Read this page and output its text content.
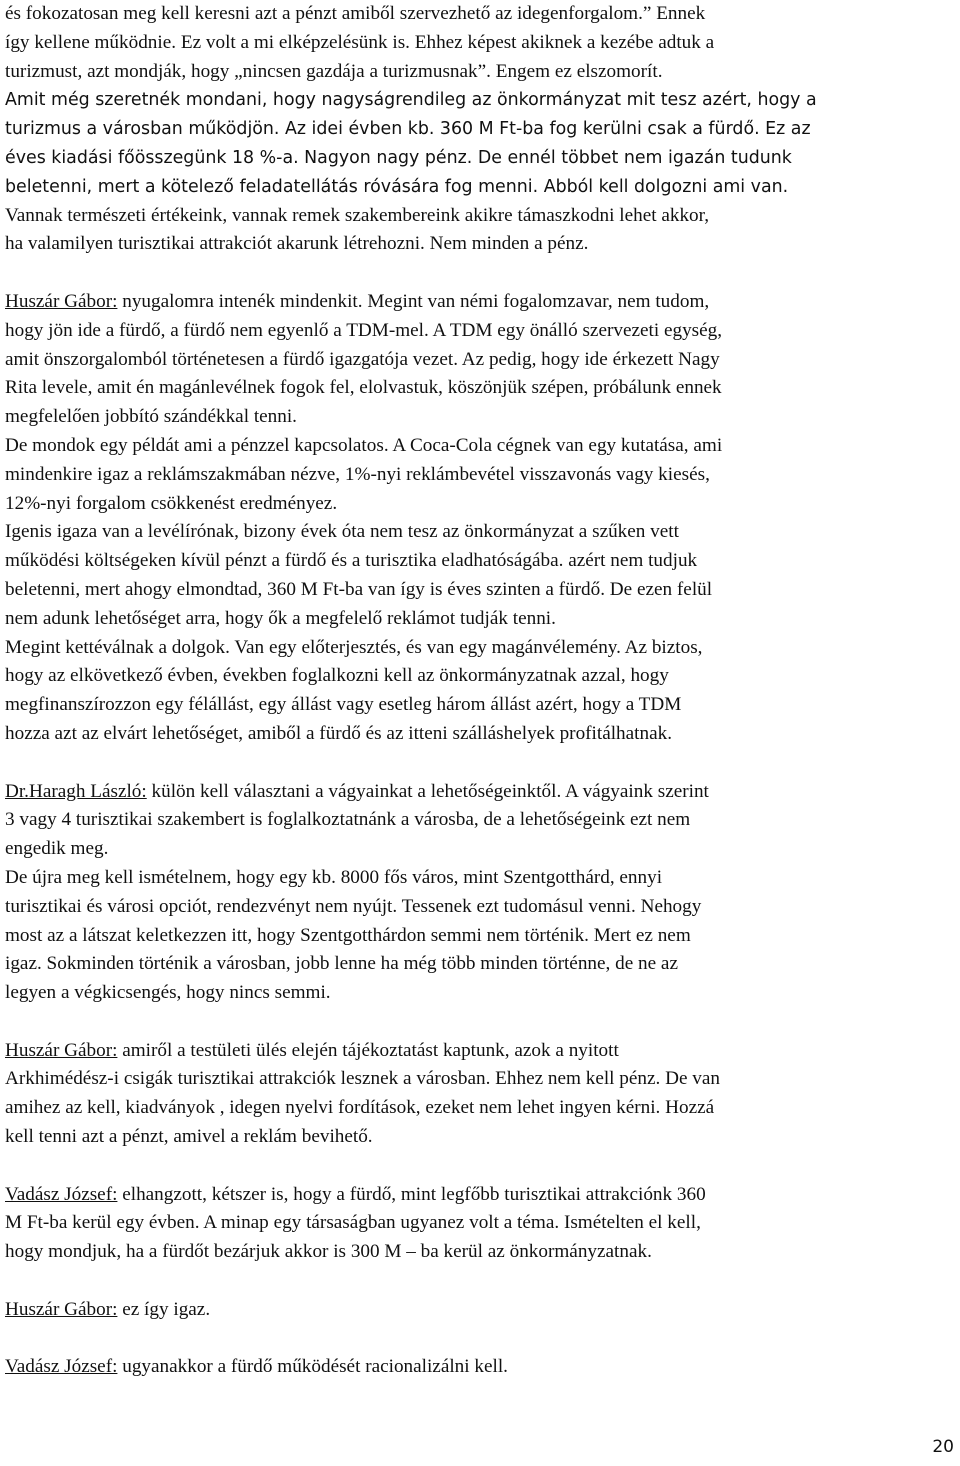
és fokozatosan meg kell keresni azt a pénzt amiből szervezhető az idegenforgalom.” Ennek
így kellene működnie. Ez volt a mi elképzelésünk is. Ehhez képest akiknek a kezébe adtuk a
turizmust, azt mondják, hogy „nincsen gazdája a turizmusnak”. Engem ez elszomorít.
Amit még szeretnék mondani, hogy nagyságrendileg az önkormányzat mit tesz azért, hogy a
turizmus a városban működjön. Az idei évben kb. 360 M Ft-ba fog kerülni csak a fürdő. Ez az
éves kiadási főösszegünk 18 %-a. Nagyon nagy pénz. De ennél többet nem igazán tudunk
beletenni, mert a kötelező feladatellátás róvására fog menni. Abból kell dolgozni ami van.
Vannak természeti értékeink, vannak remek szakembereink akikre támaszkodni lehet akkor,
ha valamilyen turisztikai attrakciót akarunk létrehozni. Nem minden a pénz.
Huszár Gábor: nyugalomra intenék mindenkit. Megint van némi fogalomzavar, nem tudom,
hogy jön ide a fürdő, a fürdő nem egyenlő a TDM-mel. A TDM egy önálló szervezeti egység,
amit önszorgalomból történetesen a fürdő igazgatója vezet. Az pedig, hogy ide érkezett Nagy
Rita levele, amit én magánlevélnek fogok fel, elolvastuk, köszönjük szépen, próbálunk ennek
megfelelően jobbító szándékkal tenni.
De mondok egy példát ami a pénzzel kapcsolatos. A Coca-Cola cégnek van egy kutatása, ami
mindenkire igaz a reklámszakmában nézve, 1%-nyi reklámbevétel visszavonás vagy kiesés,
12%-nyi forgalom csökkenést eredményez.
Igenis igaza van a levélírónak, bizony évek óta nem tesz az önkormányzat a szűken vett
működési költségeken kívül pénzt a fürdő és a turisztika eladhatóságába. azért nem tudjuk
beletenni, mert ahogy elmondtad, 360 M Ft-ba van így is éves szinten a fürdő. De ezen felül
nem adunk lehetőséget arra, hogy ők a megfelelő reklámot tudják tenni.
Megint kettéválnak a dolgok. Van egy előterjesztés, és van egy magánvélemény. Az biztos,
hogy az elkövetkező évben, években foglalkozni kell az önkormányzatnak azzal, hogy
megfinanszírozzon egy félállást, egy állást vagy esetleg három állást azért, hogy a TDM
hozza azt az elvárt lehetőséget, amiből a fürdő és az itteni szálláshelyek profitálhatnak.
Dr.Haragh László: külön kell választani a vágyainkat a lehetőségeinktől. A vágyaink szerint
3 vagy 4 turisztikai szakembert is foglalkoztatnánk a városba, de a lehetőségeink ezt nem
engedik meg.
De újra meg kell ismételnem, hogy egy kb. 8000 fős város, mint Szentgotthárd, ennyi
turisztikai és városi opciót, rendezvényt nem nyújt. Tessenek ezt tudomásul venni. Nehogy
most az a látszat keletkezzen itt, hogy Szentgotthárdon semmi nem történik. Mert ez nem
igaz. Sokminden történik a városban, jobb lenne ha még több minden történne, de ne az
legyen a végkicsengés, hogy nincs semmi.
Huszár Gábor: amiről a testületi ülés elején tájékoztatást kaptunk, azok a nyitott
Arkhimédész-i csigák turisztikai attrakciók lesznek a városban. Ehhez nem kell pénz. De van
amihez az kell, kiadványok , idegen nyelvi fordítások, ezeket nem lehet ingyen kérni. Hozzá
kell tenni azt a pénzt, amivel a reklám bevihető.
Vadász József: elhangzott, kétszer is, hogy a fürdő, mint legfőbb turisztikai attrakciónk 360
M Ft-ba kerül egy évben. A minap egy társaságban ugyanez volt a téma. Ismételten el kell,
hogy mondjuk, ha a fürdőt bezárjuk akkor is 300 M – ba kerül az önkormányzatnak.
Huszár Gábor: ez így igaz.
Vadász József: ugyanakkor a fürdő működését racionalizálni kell.
20
